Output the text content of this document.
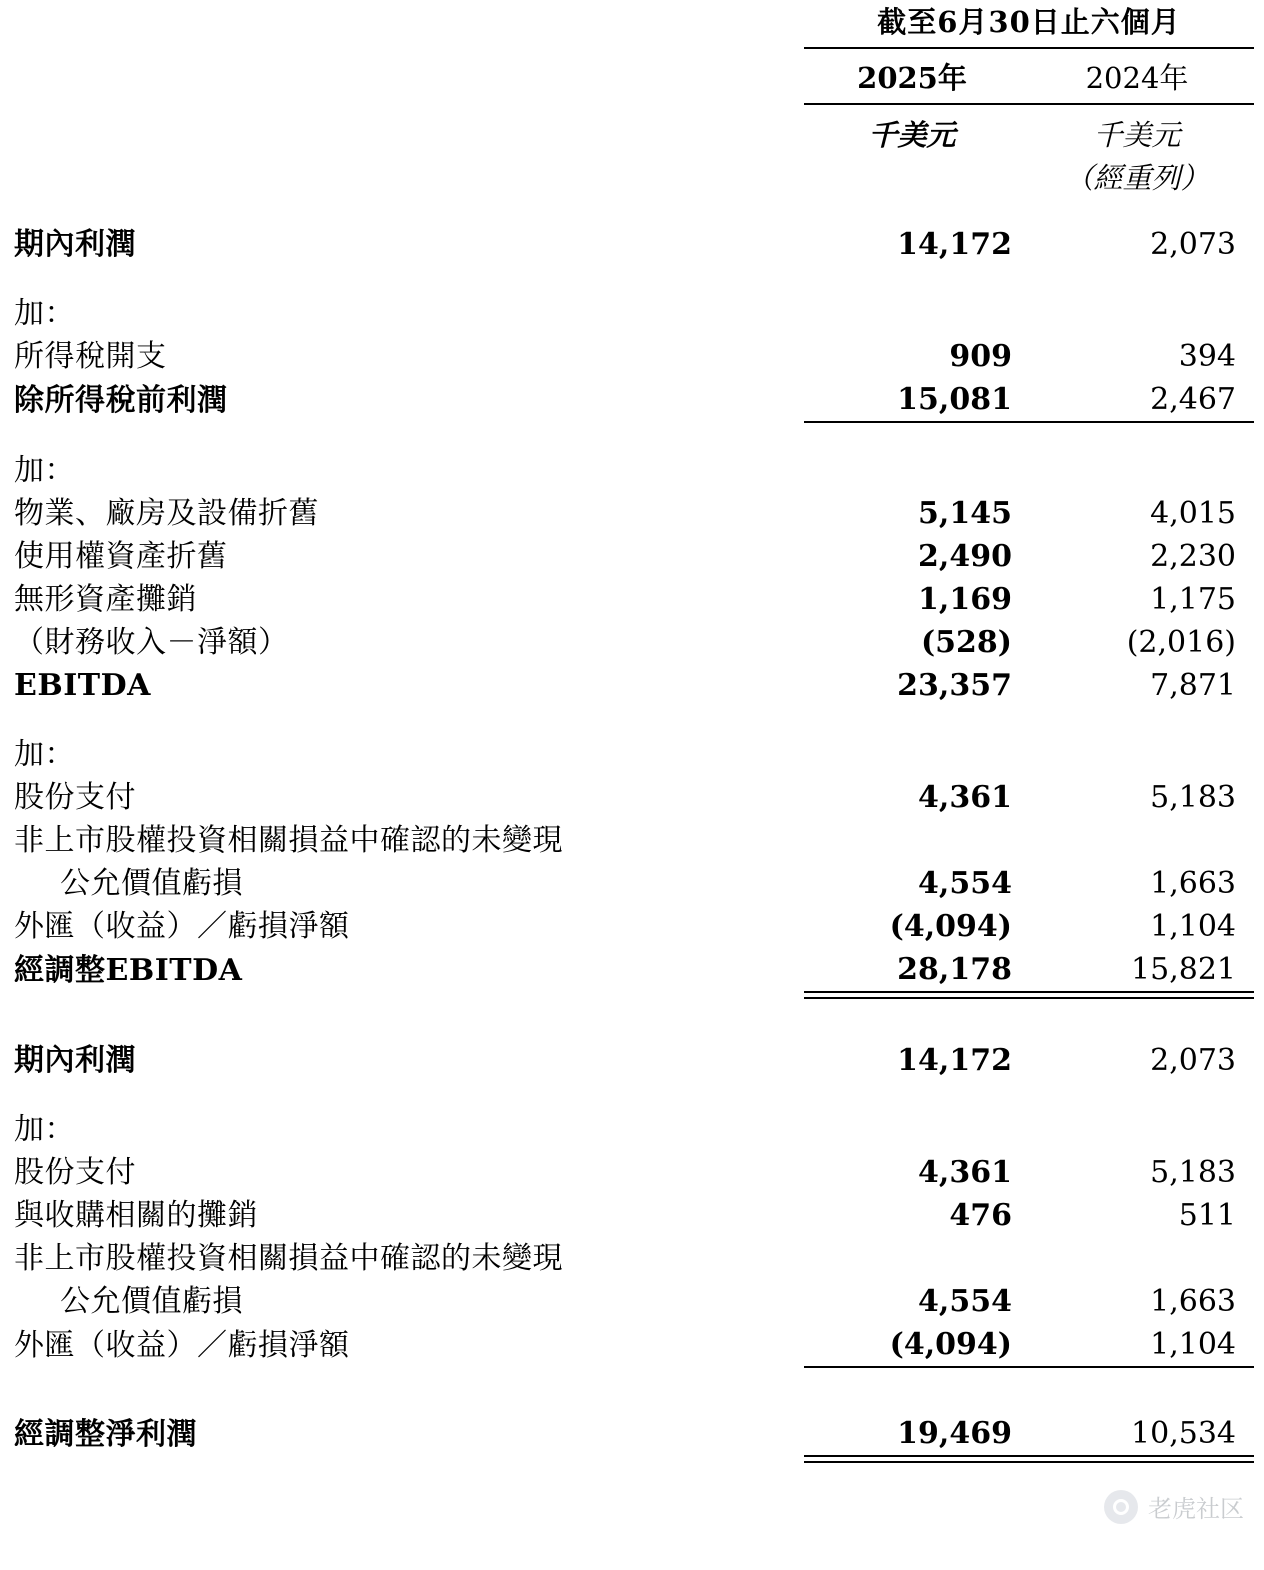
	截至6月30日止六個月	
	2025年	2024年
	千美元	千美元
		（經重列）

期內利潤	14,172	2,073

加：		
所得稅開支	909	394
除所得稅前利潤	15,081	2,467

加：		
物業、廠房及設備折舊	5,145	4,015
使用權資產折舊	2,490	2,230
無形資產攤銷	1,169	1,175
（財務收入－淨額）	(528)	(2,016)
EBITDA	23,357	7,871

加：		
股份支付	4,361	5,183
非上市股權投資相關損益中確認的未變現		
公允價值虧損	4,554	1,663
外匯（收益）／虧損淨額	(4,094)	1,104
經調整EBITDA	28,178	15,821

期內利潤	14,172	2,073

加：		
股份支付	4,361	5,183
與收購相關的攤銷	476	511
非上市股權投資相關損益中確認的未變現		
公允價值虧損	4,554	1,663
外匯（收益）／虧損淨額	(4,094)	1,104

經調整淨利潤	19,469	10,534
老虎社区
